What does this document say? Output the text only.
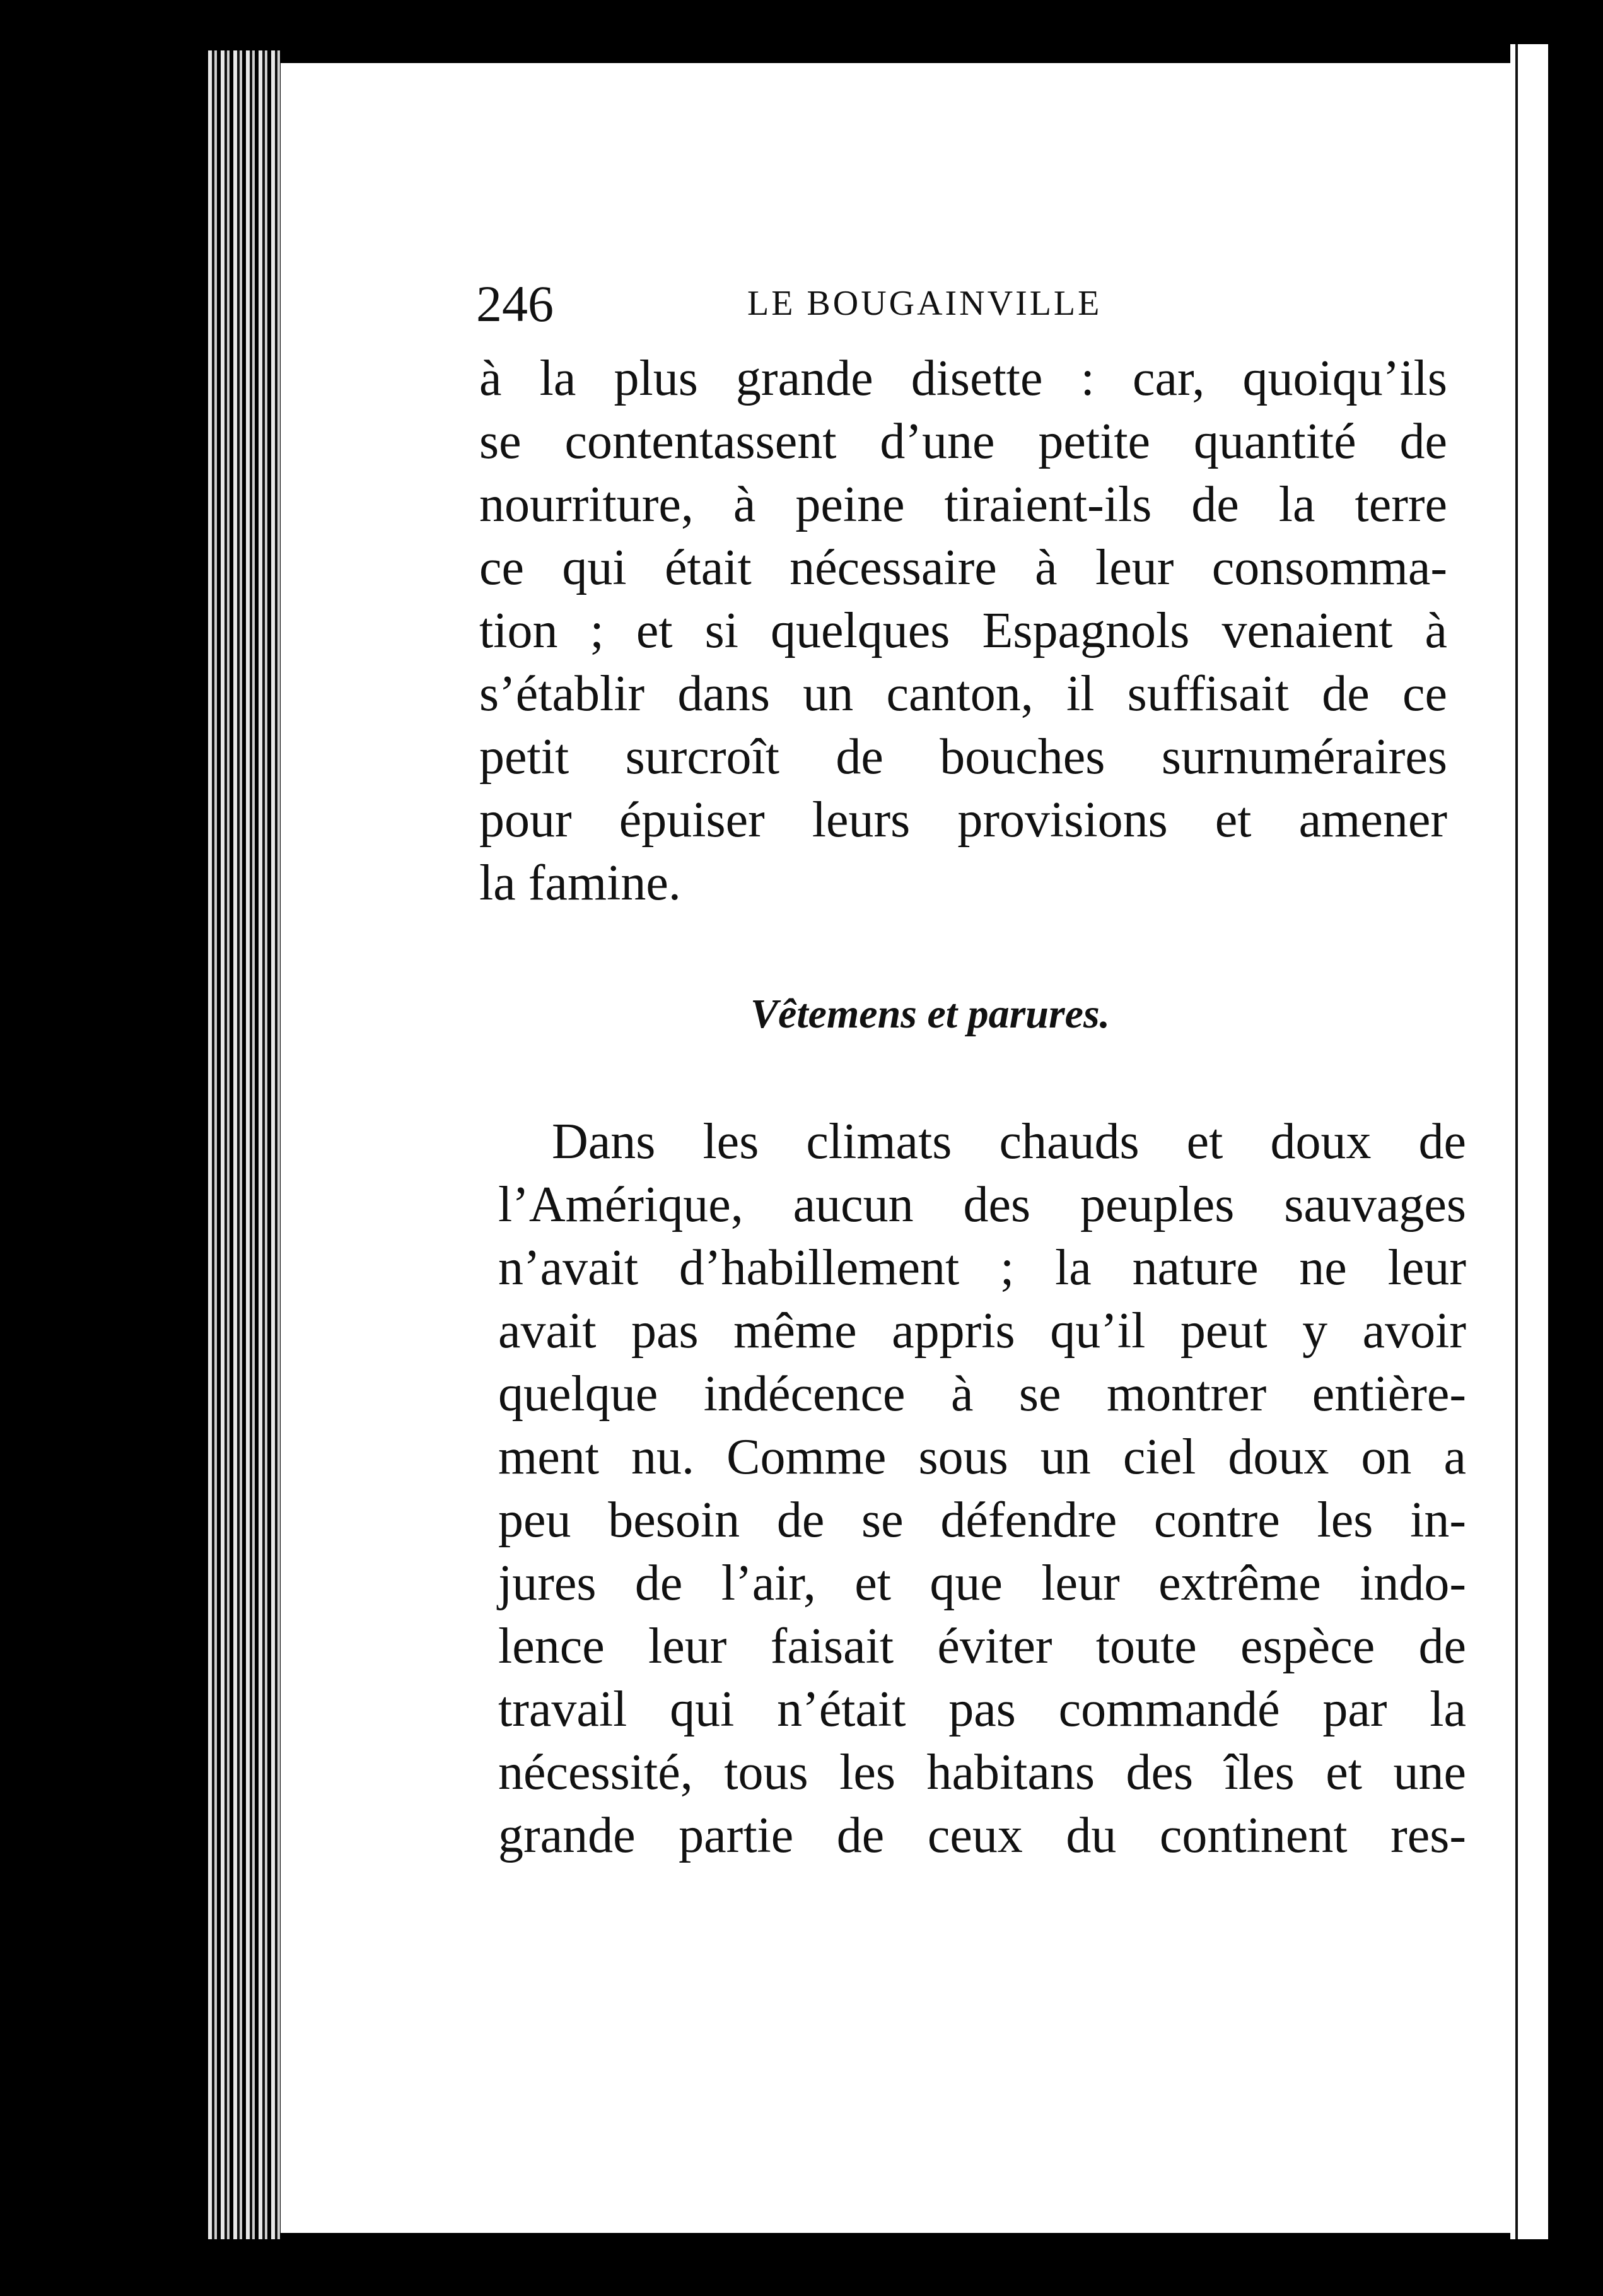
246	LE BOUGAINVILLE
à la plus grande disette : car, quoiqu’ils
se contentassent d’une petite quantité de
nourriture, à peine tiraient-ils de la terre
ce qui était nécessaire à leur consomma-
tion ; et si quelques Espagnols venaient à
s’établir dans un canton, il suffisait de ce
petit surcroît de bouches surnuméraires
pour épuiser leurs provisions et amener
la famine.
Vêtemens et parures.
Dans les climats chauds et doux de
l’Amérique, aucun des peuples sauvages
n’avait d’habillement ; la nature ne leur
avait pas même appris qu’il peut y avoir
quelque indécence à se montrer entière-
ment nu. Comme sous un ciel doux on a
peu besoin de se défendre contre les in-
jures de l’air, et que leur extrême indo-
lence leur faisait éviter toute espèce de
travail qui n’était pas commandé par la
nécessité, tous les habitans des îles et une
grande partie de ceux du continent res-
